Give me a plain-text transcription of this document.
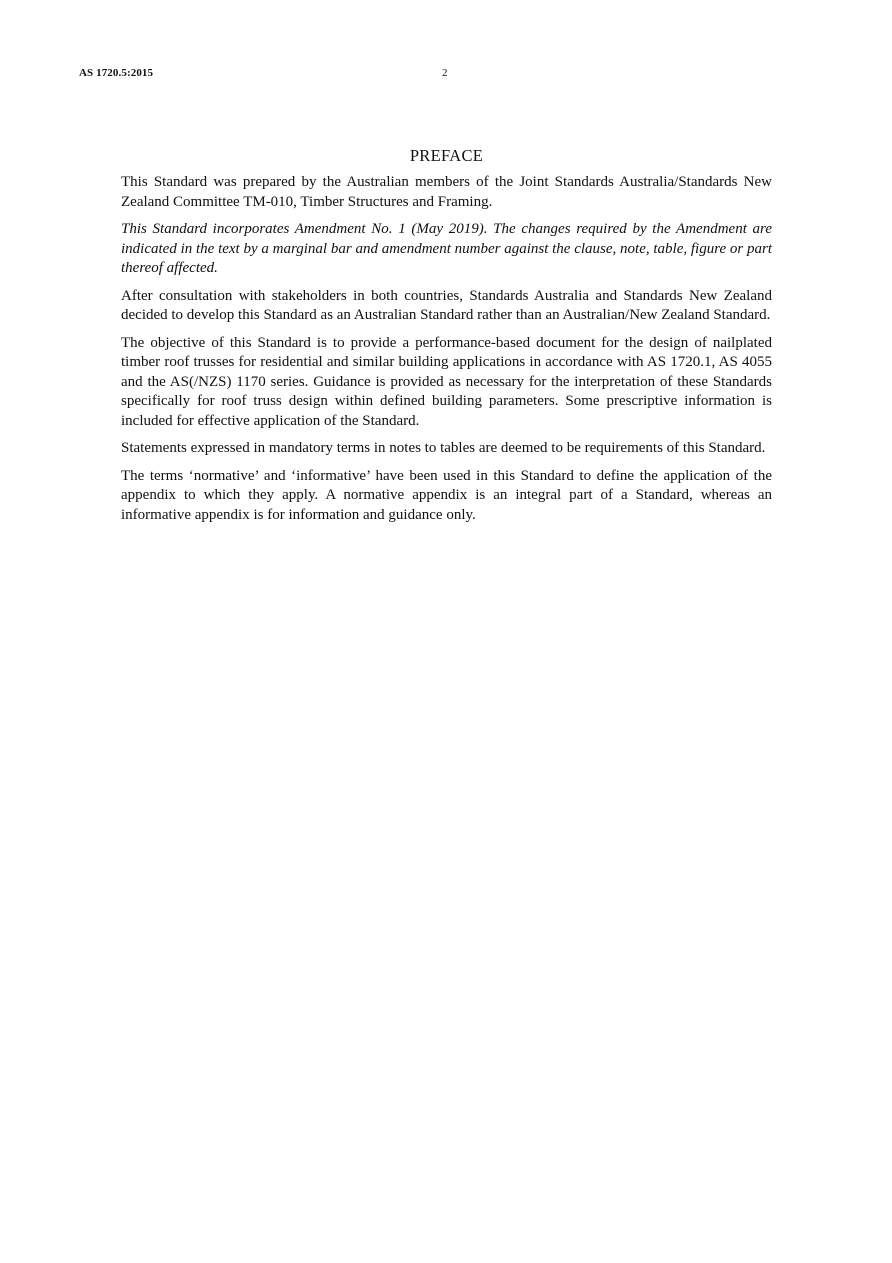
AS 1720.5:2015	2
PREFACE

This Standard was prepared by the Australian members of the Joint Standards Australia/Standards New Zealand Committee TM-010, Timber Structures and Framing.

This Standard incorporates Amendment No. 1 (May 2019). The changes required by the Amendment are indicated in the text by a marginal bar and amendment number against the clause, note, table, figure or part thereof affected.

After consultation with stakeholders in both countries, Standards Australia and Standards New Zealand decided to develop this Standard as an Australian Standard rather than an Australian/New Zealand Standard.

The objective of this Standard is to provide a performance-based document for the design of nailplated timber roof trusses for residential and similar building applications in accordance with AS 1720.1, AS 4055 and the AS(/NZS) 1170 series. Guidance is provided as necessary for the interpretation of these Standards specifically for roof truss design within defined building parameters. Some prescriptive information is included for effective application of the Standard.

Statements expressed in mandatory terms in notes to tables are deemed to be requirements of this Standard.

The terms ‘normative’ and ‘informative’ have been used in this Standard to define the application of the appendix to which they apply. A normative appendix is an integral part of a Standard, whereas an informative appendix is for information and guidance only.
